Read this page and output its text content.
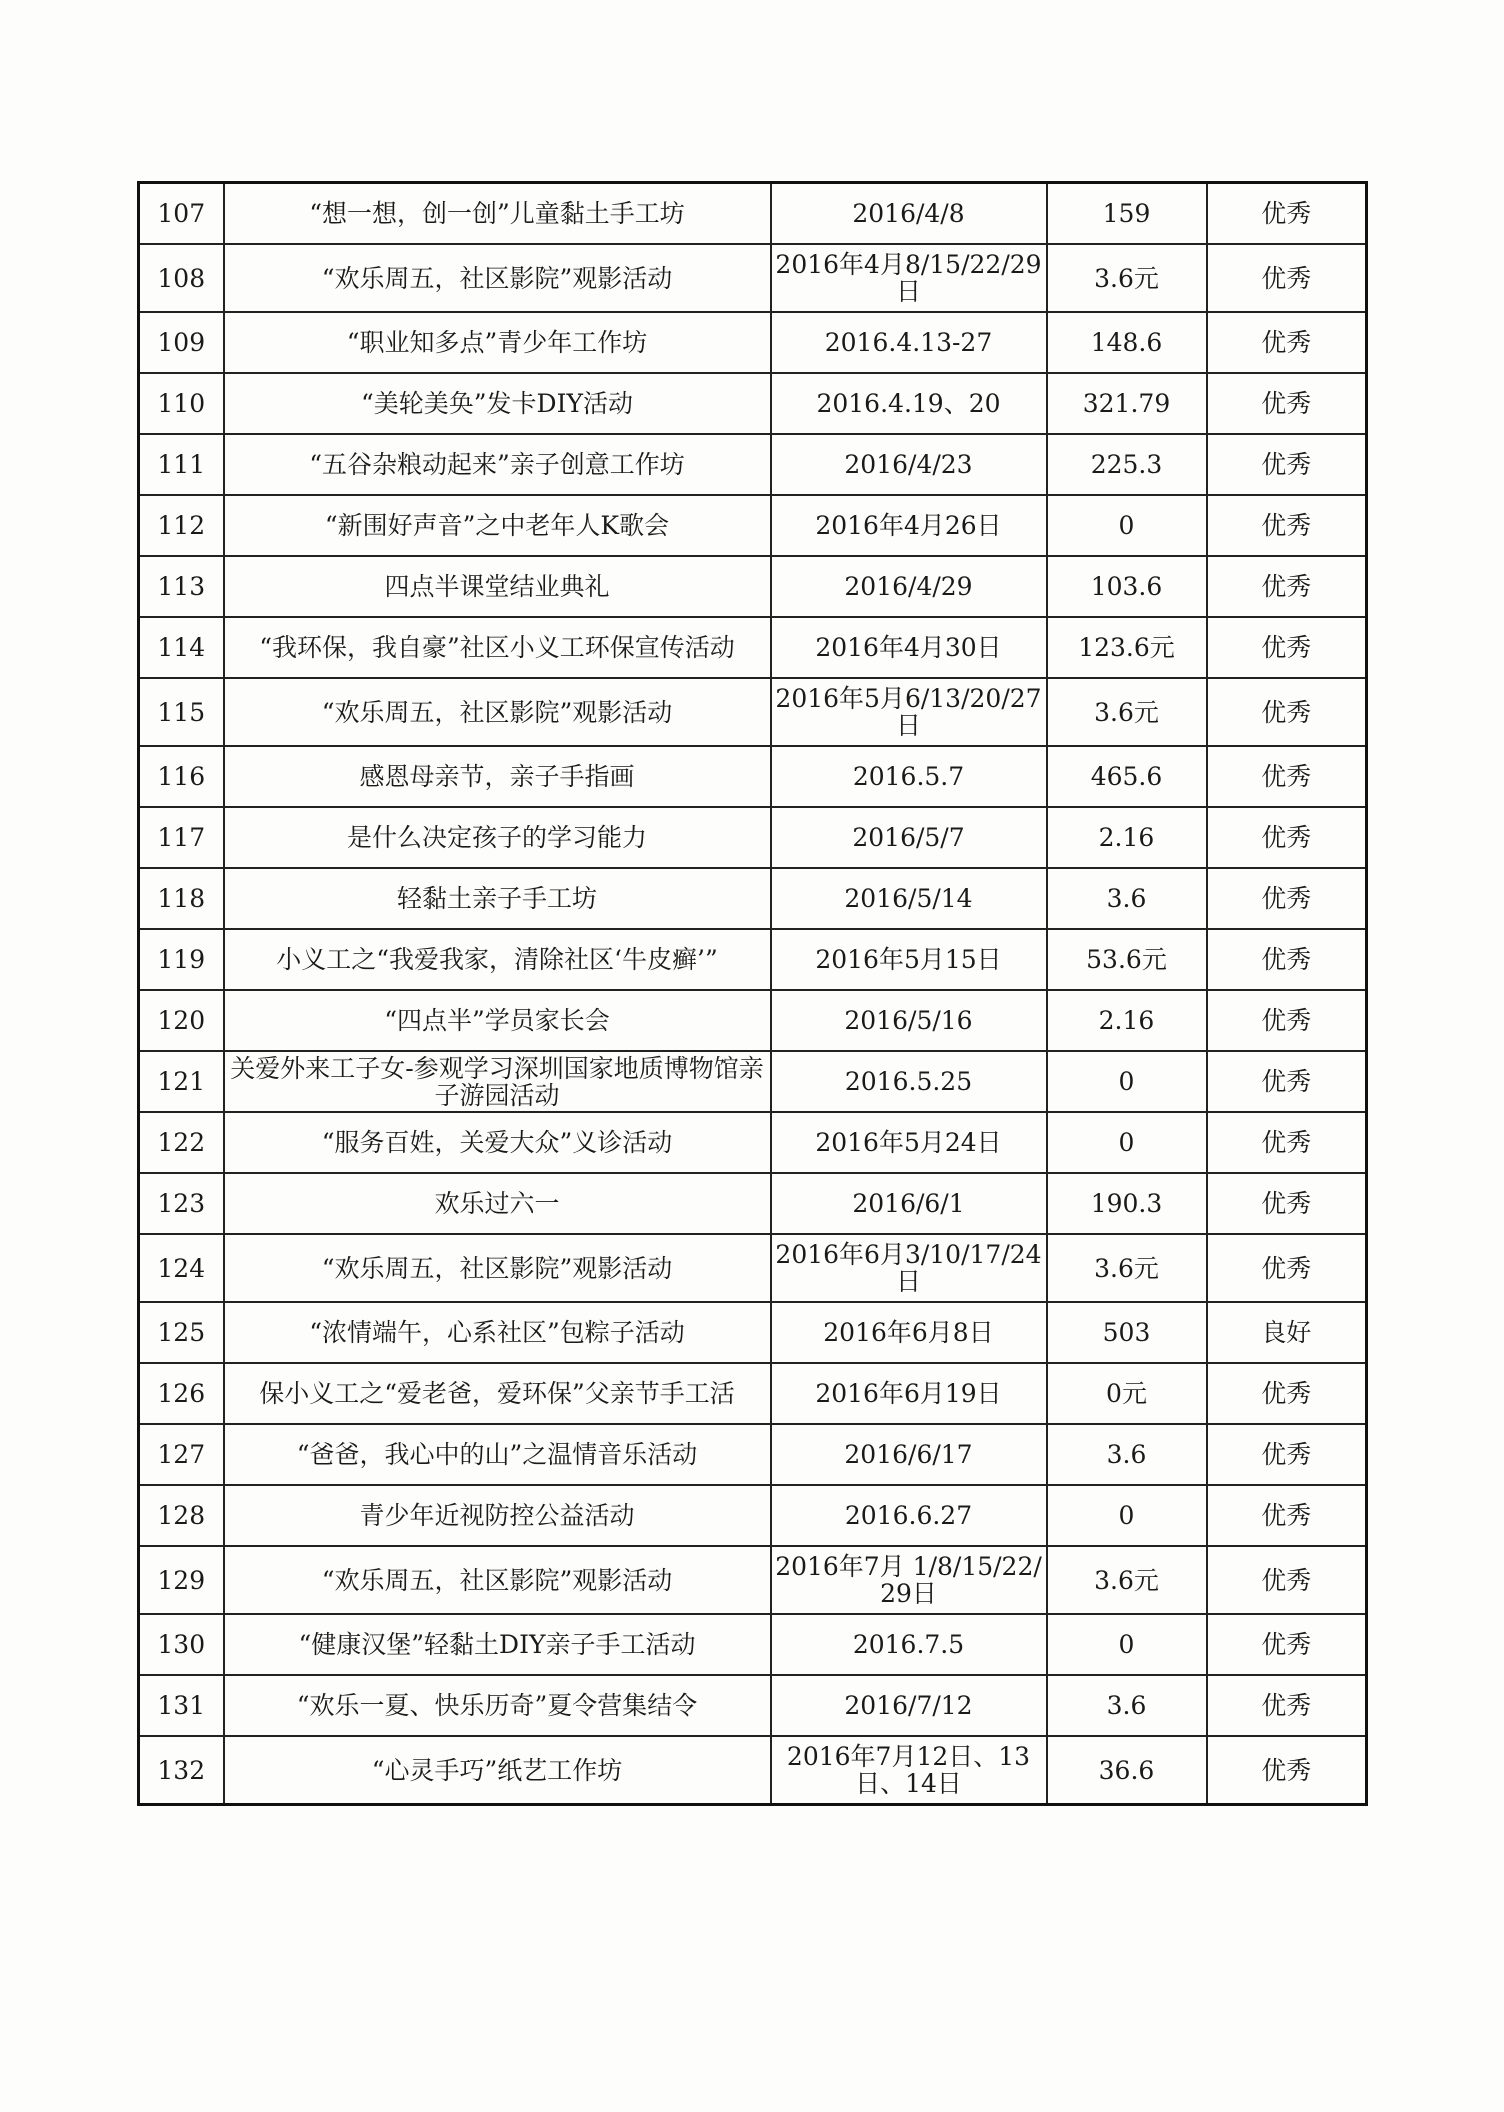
107	“想一想，创一创”儿童黏土手工坊	2016/4/8	159	优秀
108	“欢乐周五，社区影院”观影活动	2016年4月8/15/22/29日	3.6元	优秀
109	“职业知多点”青少年工作坊	2016.4.13-27	148.6	优秀
110	“美轮美奂”发卡DIY活动	2016.4.19、20	321.79	优秀
111	“五谷杂粮动起来”亲子创意工作坊	2016/4/23	225.3	优秀
112	“新围好声音”之中老年人K歌会	2016年4月26日	0	优秀
113	四点半课堂结业典礼	2016/4/29	103.6	优秀
114	“我环保，我自豪”社区小义工环保宣传活动	2016年4月30日	123.6元	优秀
115	“欢乐周五，社区影院”观影活动	2016年5月6/13/20/27日	3.6元	优秀
116	感恩母亲节，亲子手指画	2016.5.7	465.6	优秀
117	是什么决定孩子的学习能力	2016/5/7	2.16	优秀
118	轻黏土亲子手工坊	2016/5/14	3.6	优秀
119	小义工之“我爱我家，清除社区‘牛皮癣’”	2016年5月15日	53.6元	优秀
120	“四点半”学员家长会	2016/5/16	2.16	优秀
121	关爱外来工子女-参观学习深圳国家地质博物馆亲子游园活动	2016.5.25	0	优秀
122	“服务百姓，关爱大众”义诊活动	2016年5月24日	0	优秀
123	欢乐过六一	2016/6/1	190.3	优秀
124	“欢乐周五，社区影院”观影活动	2016年6月3/10/17/24日	3.6元	优秀
125	“浓情端午，心系社区”包粽子活动	2016年6月8日	503	良好
126	保小义工之“爱老爸，爱环保”父亲节手工活	2016年6月19日	0元	优秀
127	“爸爸，我心中的山”之温情音乐活动	2016/6/17	3.6	优秀
128	青少年近视防控公益活动	2016.6.27	0	优秀
129	“欢乐周五，社区影院”观影活动	2016年7月 1/8/15/22/29日	3.6元	优秀
130	“健康汉堡”轻黏土DIY亲子手工活动	2016.7.5	0	优秀
131	“欢乐一夏、快乐历奇”夏令营集结令	2016/7/12	3.6	优秀
132	“心灵手巧”纸艺工作坊	2016年7月12日、13日、14日	36.6	优秀
